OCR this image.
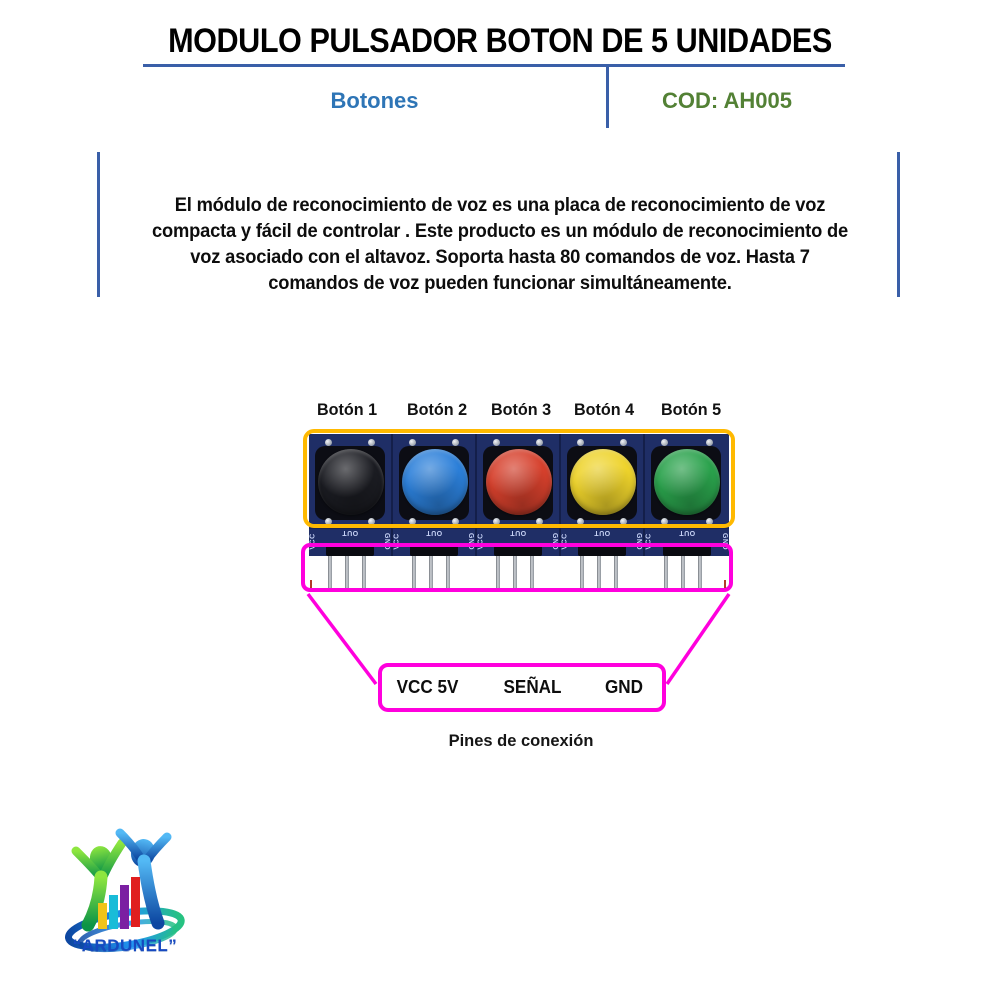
MODULO PULSADOR BOTON DE 5 UNIDADES
Botones	COD: AH005
El módulo de reconocimiento de voz es una placa de reconocimiento de voz
compacta y fácil de controlar . Este producto es un módulo de reconocimiento de
voz asociado con el altavoz. Soporta hasta 80 comandos de voz. Hasta 7
comandos de voz pueden funcionar simultáneamente.
Botón 1	Botón 2	Botón 3	Botón 4	Botón 5
VCC
OUT
GND VCC
OUT
GND VCC
OUT
GND VCC
OUT
GND VCC
OUT
GND
VCC 5V SEÑAL GND
Pines de conexión
“ARDUNEL”
